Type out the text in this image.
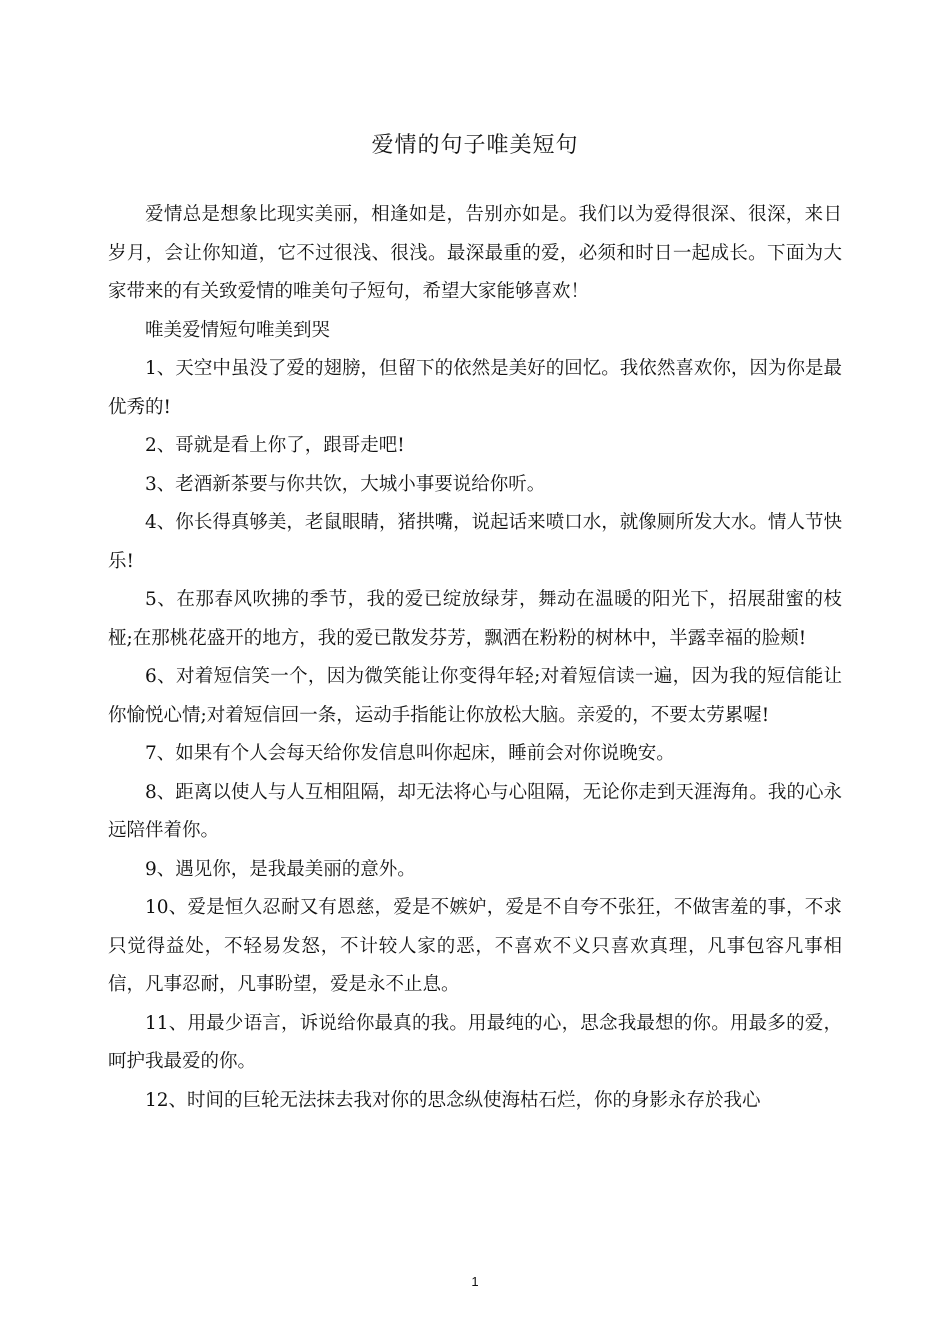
爱情的句子唯美短句

爱情总是想象比现实美丽，相逢如是，告别亦如是。我们以为爱得很深、很深，来日岁月，会让你知道，它不过很浅、很浅。最深最重的爱，必须和时日一起成长。下面为大家带来的有关致爱情的唯美句子短句，希望大家能够喜欢！

唯美爱情短句唯美到哭

1、天空中虽没了爱的翅膀，但留下的依然是美好的回忆。我依然喜欢你，因为你是最优秀的!

2、哥就是看上你了，跟哥走吧!

3、老酒新茶要与你共饮，大城小事要说给你听。

4、你长得真够美，老鼠眼睛，猪拱嘴，说起话来喷口水，就像厕所发大水。情人节快乐!

5、在那春风吹拂的季节，我的爱已绽放绿芽，舞动在温暖的阳光下，招展甜蜜的枝桠;在那桃花盛开的地方，我的爱已散发芬芳，飘洒在粉粉的树林中，半露幸福的脸颊!

6、对着短信笑一个，因为微笑能让你变得年轻;对着短信读一遍，因为我的短信能让你愉悦心情;对着短信回一条，运动手指能让你放松大脑。亲爱的，不要太劳累喔!

7、如果有个人会每天给你发信息叫你起床，睡前会对你说晚安。

8、距离以使人与人互相阻隔，却无法将心与心阻隔，无论你走到天涯海角。我的心永远陪伴着你。

9、遇见你，是我最美丽的意外。

10、爱是恒久忍耐又有恩慈，爱是不嫉妒，爱是不自夸不张狂，不做害羞的事，不求只觉得益处，不轻易发怒，不计较人家的恶，不喜欢不义只喜欢真理，凡事包容凡事相信，凡事忍耐，凡事盼望，爱是永不止息。

11、用最少语言，诉说给你最真的我。用最纯的心，思念我最想的你。用最多的爱，呵护我最爱的你。

12、时间的巨轮无法抹去我对你的思念纵使海枯石烂，你的身影永存於我心

1
